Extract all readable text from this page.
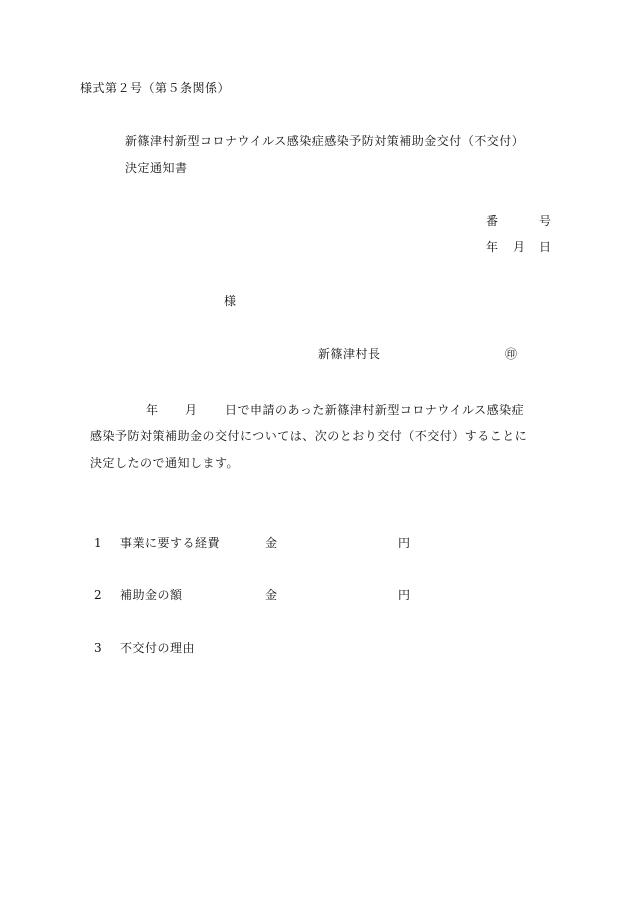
様式第２号（第５条関係）

新篠津村新型コロナウイルス感染症感染予防対策補助金交付（不交付）

決定通知書

番	号

年 月 日

様

新篠津村長	㊞

年 月 日で申請のあった新篠津村新型コロナウイルス感染症

感染予防対策補助金の交付については、次のとおり交付（不交付）することに

決定したので通知します。

1 事業に要する経費	金	円

2 補助金の額	金	円

3 不交付の理由
